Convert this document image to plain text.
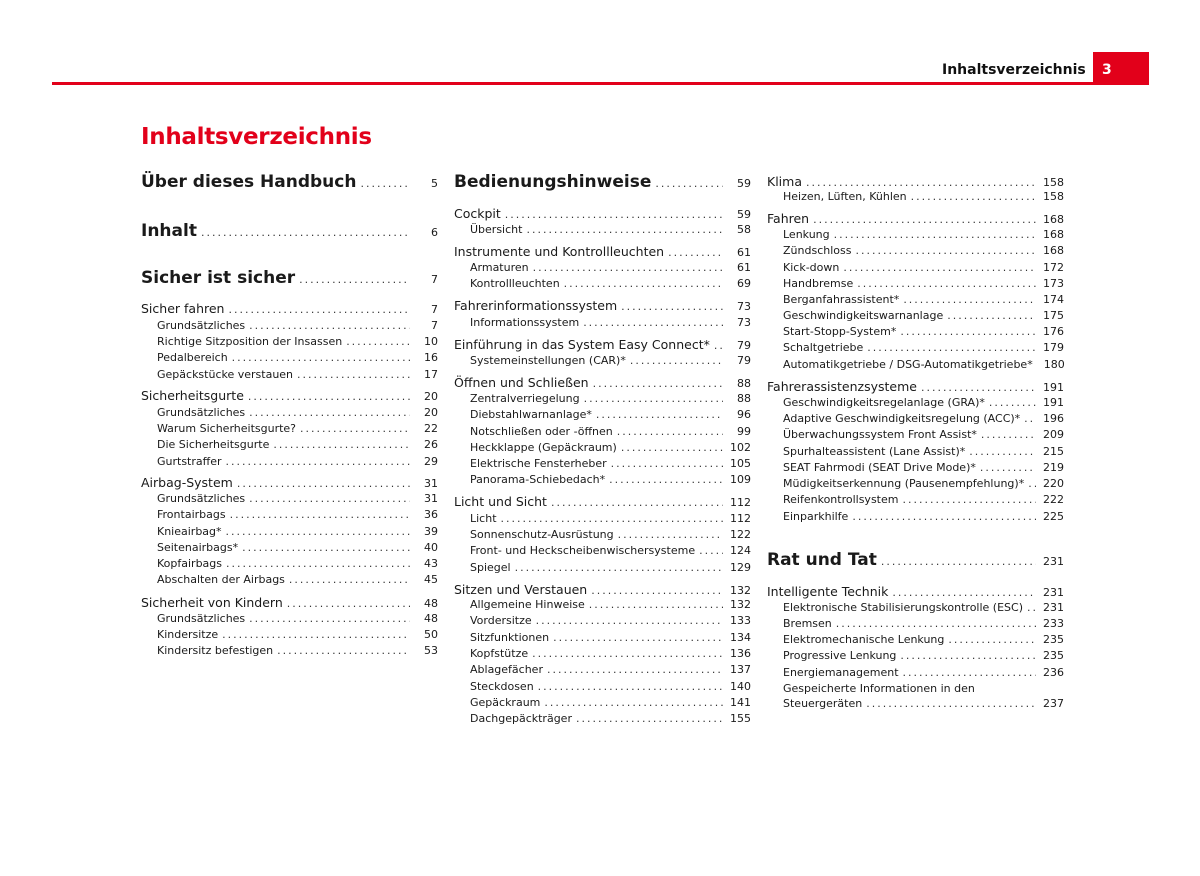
Inhaltsverzeichnis 3
Inhaltsverzeichnis
Über dieses Handbuch .....	5
Inhalt .....	6
Sicher ist sicher .....	7
Sicher fahren .....	7
Grundsätzliches .....	7
Richtige Sitzposition der Insassen .....	10
Pedalbereich .....	16
Gepäckstücke verstauen .....	17
Sicherheitsgurte .....	20
Grundsätzliches .....	20
Warum Sicherheitsgurte? .....	22
Die Sicherheitsgurte .....	26
Gurtstraffer .....	29
Airbag-System .....	31
Grundsätzliches .....	31
Frontairbags .....	36
Knieairbag* .....	39
Seitenairbags* .....	40
Kopfairbags .....	43
Abschalten der Airbags .....	45
Sicherheit von Kindern .....	48
Grundsätzliches .....	48
Kindersitze .....	50
Kindersitz befestigen .....	53
Bedienungshinweise .....	59
Cockpit .....	59
Übersicht .....	58
Instrumente und Kontrollleuchten .....	61
Armaturen .....	61
Kontrollleuchten .....	69
Fahrerinformationssystem .....	73
Informationssystem .....	73
Einführung in das System Easy Connect* .....	79
Systemeinstellungen (CAR)* .....	79
Öffnen und Schließen .....	88
Zentralverriegelung .....	88
Diebstahlwarnanlage* .....	96
Notschließen oder -öffnen .....	99
Heckklappe (Gepäckraum) .....	102
Elektrische Fensterheber .....	105
Panorama-Schiebedach* .....	109
Licht und Sicht .....	112
Licht .....	112
Sonnenschutz-Ausrüstung .....	122
Front- und Heckscheibenwischersysteme .....	124
Spiegel .....	129
Sitzen und Verstauen .....	132
Allgemeine Hinweise .....	132
Vordersitze .....	133
Sitzfunktionen .....	134
Kopfstütze .....	136
Ablagefächer .....	137
Steckdosen .....	140
Gepäckraum .....	141
Dachgepäckträger .....	155
Klima .....	158
Heizen, Lüften, Kühlen .....	158
Fahren .....	168
Lenkung .....	168
Zündschloss .....	168
Kick-down .....	172
Handbremse .....	173
Berganfahrassistent* .....	174
Geschwindigkeitswarnanlage .....	175
Start-Stopp-System* .....	176
Schaltgetriebe .....	179
Automatikgetriebe / DSG-Automatikgetriebe* 180
Fahrerassistenzsysteme .....	191
Geschwindigkeitsregelanlage (GRA)* .....	191
Adaptive Geschwindigkeitsregelung (ACC)* ..... 196
Überwachungssystem Front Assist* .....	209
Spurhalteassistent (Lane Assist)* .....	215
SEAT Fahrmodi (SEAT Drive Mode)* .....	219
Müdigkeitserkennung (Pausenempfehlung)* ..... 220
Reifenkontrollsystem .....	222
Einparkhilfe .....	225
Rat und Tat .....	231
Intelligente Technik .....	231
Elektronische Stabilisierungskontrolle (ESC) ..... 231
Bremsen .....	233
Elektromechanische Lenkung .....	235
Progressive Lenkung .....	235
Energiemanagement .....	236
Gespeicherte Informationen in den
Steuergeräten .....	237
